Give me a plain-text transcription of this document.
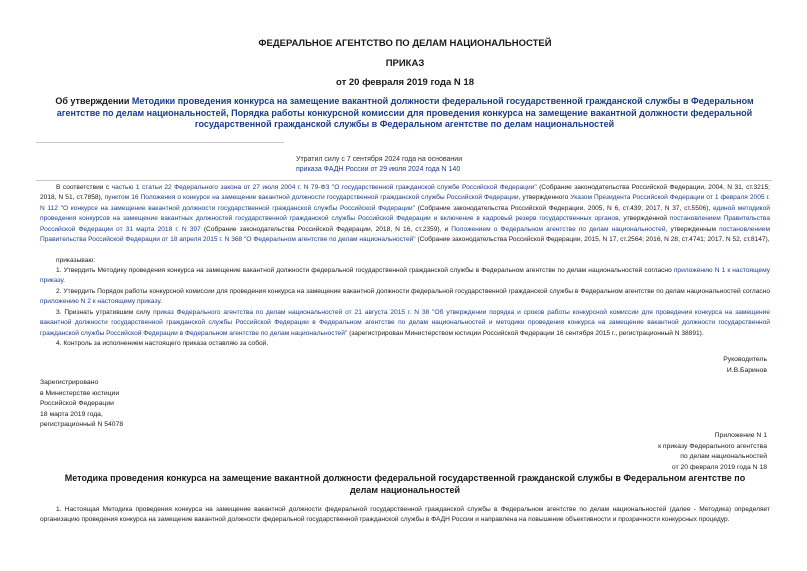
ФЕДЕРАЛЬНОЕ АГЕНТСТВО ПО ДЕЛАМ НАЦИОНАЛЬНОСТЕЙ
ПРИКАЗ
от 20 февраля 2019 года N 18
Об утверждении Методики проведения конкурса на замещение вакантной должности федеральной государственной гражданской службы в Федеральном агентстве по делам национальностей, Порядка работы конкурсной комиссии для проведения конкурса на замещение вакантной должности федеральной государственной гражданской службы в Федеральном агентстве по делам национальностей
Утратил силу с 7 сентября 2024 года на основании
приказа ФАДН России от 29 июля 2024 года N 140

В соответствии с частью 1 статьи 22 Федерального закона от 27 июля 2004 г. N 79-ФЗ "О государственной гражданской службе Российской Федерации" (Собрание законодательства Российской Федерации, 2004, N 31, ст.3215; 2018, N 51, ст.7858), пунктом 16 Положения о конкурсе на замещение вакантной должности государственной гражданской службы Российской Федерации, утвержденного Указом Президента Российской Федерации от 1 февраля 2005 г. N 112 "О конкурсе на замещение вакантной должности государственной гражданской службы Российской Федерации" (Собрание законодательства Российской Федерации, 2005, N 6, ст.439; 2017, N 37, ст.5506), единой методикой проведения конкурсов на замещение вакантных должностей государственной гражданской службы Российской Федерации и включение в кадровый резерв государственных органов, утвержденной постановлением Правительства Российской Федерации от 31 марта 2018 г. N 397 (Собрание законодательства Российской Федерации, 2018, N 16, ст.2359), и Положением о Федеральном агентстве по делам национальностей, утвержденным постановлением Правительства Российской Федерации от 18 апреля 2015 г. N 368 "О Федеральном агентстве по делам национальностей" (Собрание законодательства Российской Федерации, 2015, N 17, ст.2564; 2016, N 28, ст.4741; 2017, N 52, ст.8147),

приказываю:

1. Утвердить Методику проведения конкурса на замещение вакантной должности федеральной государственной гражданской службы в Федеральном агентстве по делам национальностей согласно приложению N 1 к настоящему приказу.

2. Утвердить Порядок работы конкурсной комиссии для проведения конкурса на замещение вакантной должности федеральной государственной гражданской службы в Федеральном агентстве по делам национальностей согласно приложению N 2 к настоящему приказу.

3. Признать утратившим силу приказ Федерального агентства по делам национальностей от 21 августа 2015 г. N 38 "Об утверждении порядка и сроков работы конкурсной комиссии для проведения конкурса на замещение вакантной должности государственной гражданской службы Российской Федерации в Федеральном агентстве по делам национальностей и методики проведения конкурса на замещение вакантной должности государственной гражданской службы Российской Федерации в Федеральном агентстве по делам национальностей" (зарегистрирован Министерством юстиции Российской Федерации 16 сентября 2015 г., регистрационный N 38891).

4. Контроль за исполнением настоящего приказа оставляю за собой.

Руководитель
И.В.Баринов
Зарегистрировано
в Министерстве юстиции
Российской Федерации
18 марта 2019 года,
регистрационный N 54078
Приложение N 1
к приказу Федерального агентства
по делам национальностей
от 20 февраля 2019 года N 18
Методика проведения конкурса на замещение вакантной должности федеральной государственной гражданской службы в Федеральном агентстве по делам национальностей

1. Настоящая Методика проведения конкурса на замещение вакантной должности федеральной государственной гражданской службы в Федеральном агентстве по делам национальностей (далее - Методика) определяет организацию проведения конкурса на замещение вакантной должности федеральной государственной гражданской службы в ФАДН России и направлена на повышение объективности и прозрачности конкурсных процедур.
